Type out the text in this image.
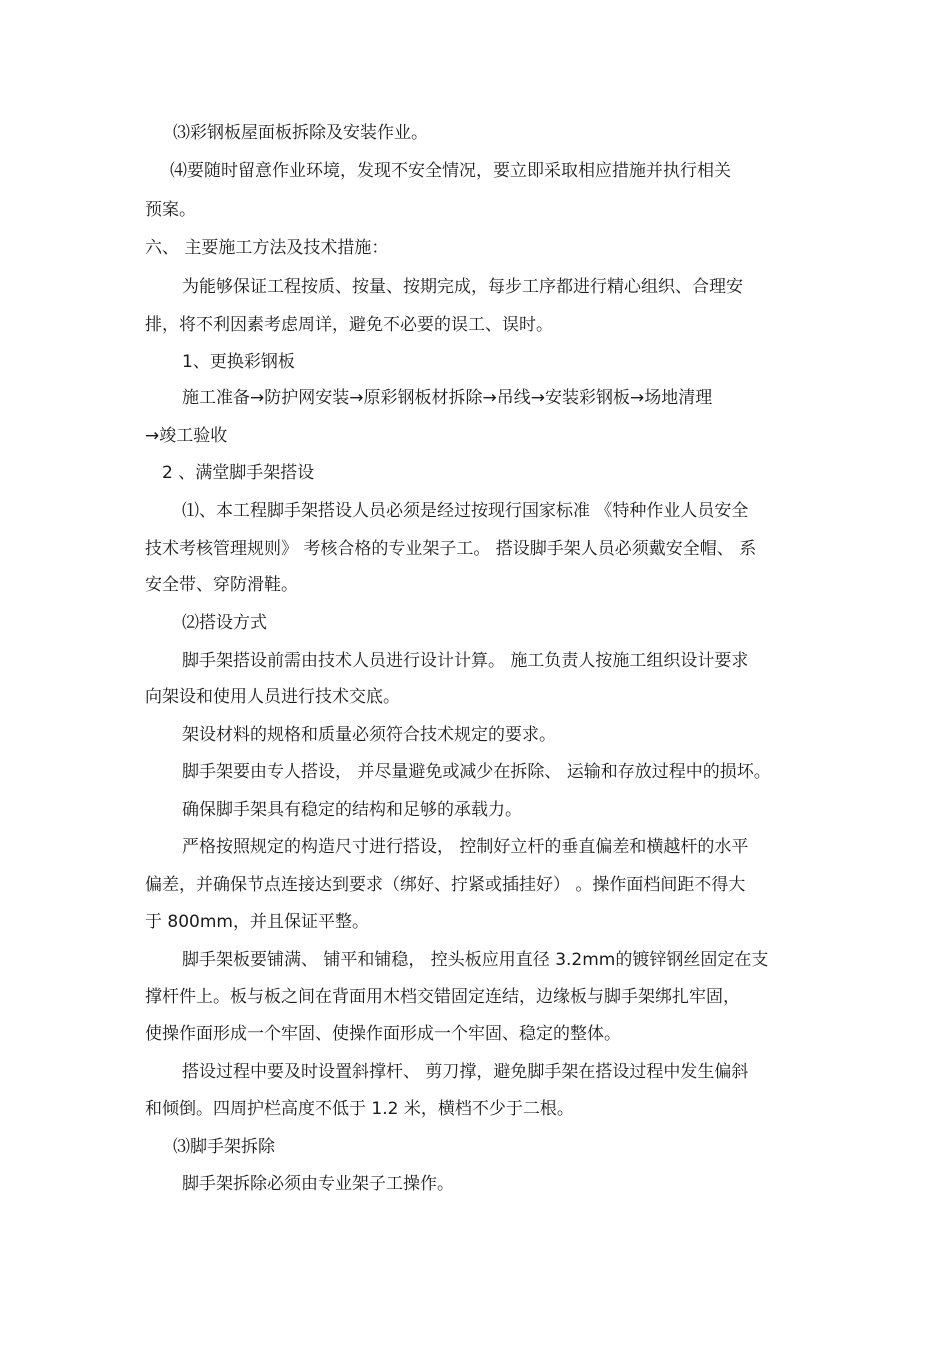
⑶彩钢板屋面板拆除及安装作业。

⑷要随时留意作业环境，发现不安全情况，要立即采取相应措施并执行相关

预案。

六、 主要施工方法及技术措施：

为能够保证工程按质、按量、按期完成，每步工序都进行精心组织、合理安

排，将不利因素考虑周详，避免不必要的误工、误时。

1、更换彩钢板

施工准备→防护网安装→原彩钢板材拆除→吊线→安装彩钢板→场地清理

→竣工验收

2 、满堂脚手架搭设

⑴、本工程脚手架搭设人员必须是经过按现行国家标准 《特种作业人员安全

技术考核管理规则》 考核合格的专业架子工。 搭设脚手架人员必须戴安全帽、 系

安全带、穿防滑鞋。

⑵搭设方式

脚手架搭设前需由技术人员进行设计计算。 施工负责人按施工组织设计要求

向架设和使用人员进行技术交底。

架设材料的规格和质量必须符合技术规定的要求。

脚手架要由专人搭设， 并尽量避免或减少在拆除、 运输和存放过程中的损坏。

确保脚手架具有稳定的结构和足够的承载力。

严格按照规定的构造尺寸进行搭设， 控制好立杆的垂直偏差和横越杆的水平

偏差，并确保节点连接达到要求（绑好、拧紧或插挂好） 。操作面档间距不得大

于 800mm，并且保证平整。

脚手架板要铺满、 铺平和铺稳， 控头板应用直径 3.2mm的镀锌钢丝固定在支

撑杆件上。板与板之间在背面用木档交错固定连结，边缘板与脚手架绑扎牢固，

使操作面形成一个牢固、使操作面形成一个牢固、稳定的整体。

搭设过程中要及时设置斜撑杆、 剪刀撑，避免脚手架在搭设过程中发生偏斜

和倾倒。四周护栏高度不低于 1.2 米，横档不少于二根。

⑶脚手架拆除

脚手架拆除必须由专业架子工操作。
